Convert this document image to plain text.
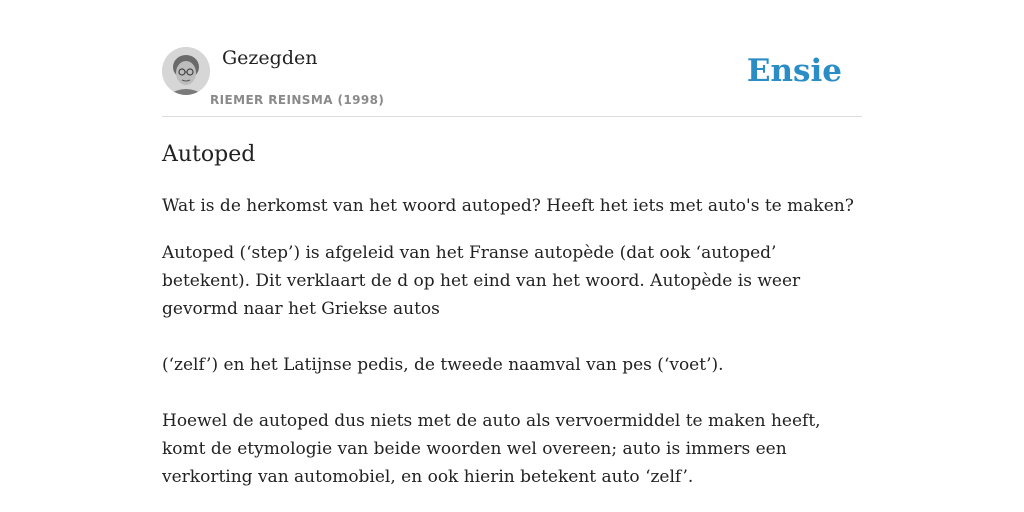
Gezegden
RIEMER REINSMA (1998)
Ensie
Autoped

Wat is de herkomst van het woord autoped? Heeft het iets met auto's te maken?

Autoped (‘step’) is afgeleid van het Franse autopède (dat ook ‘autoped’ betekent). Dit verklaart de d op het eind van het woord. Autopède is weer gevormd naar het Griekse autos

(‘zelf’) en het Latijnse pedis, de tweede naamval van pes (‘voet’).

Hoewel de autoped dus niets met de auto als vervoermiddel te maken heeft, komt de etymologie van beide woorden wel overeen; auto is immers een verkorting van automobiel, en ook hierin betekent auto ‘zelf’.
